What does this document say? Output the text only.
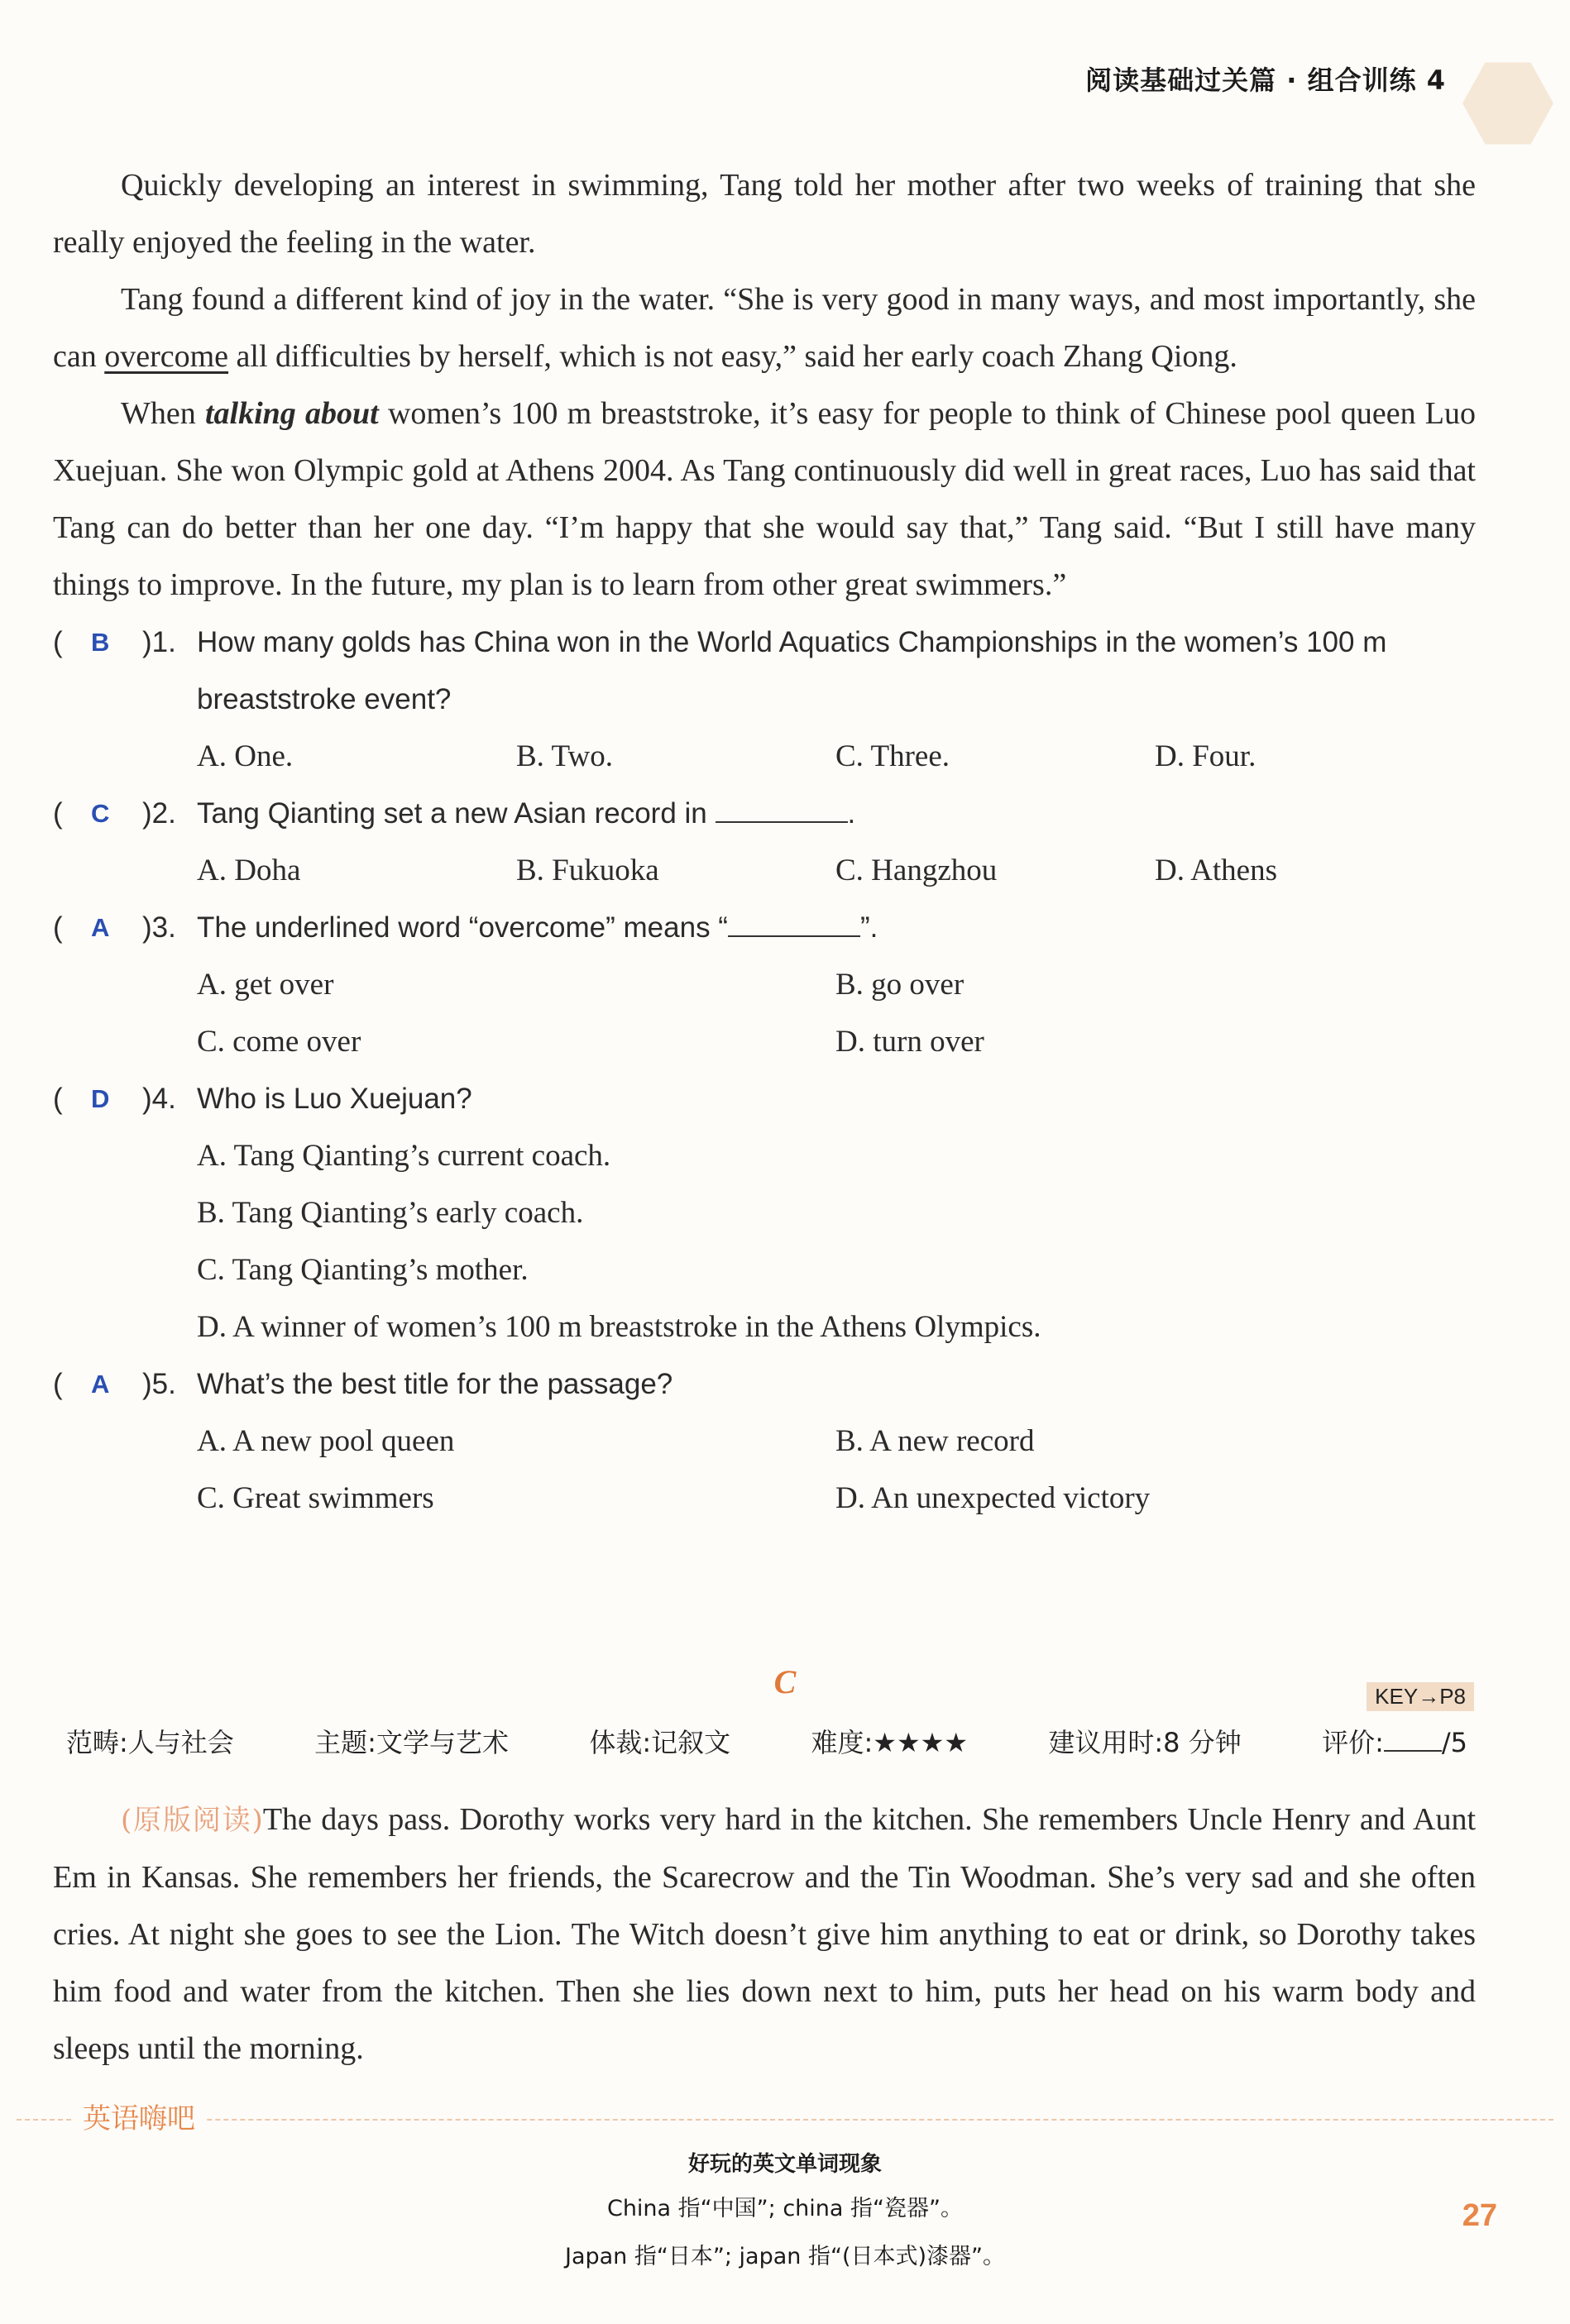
阅读基础过关篇 · 组合训练 4

Quickly developing an interest in swimming, Tang told her mother after two weeks of training that she really enjoyed the feeling in the water.

Tang found a different kind of joy in the water. “She is very good in many ways, and most importantly, she can overcome all difficulties by herself, which is not easy,” said her early coach Zhang Qiong.

When talking about women’s 100 m breaststroke, it’s easy for people to think of Chinese pool queen Luo Xuejuan. She won Olympic gold at Athens 2004. As Tang continuously did well in great races, Luo has said that Tang can do better than her one day. “I’m happy that she would say that,” Tang said. “But I still have many things to improve. In the future, my plan is to learn from other great swimmers.”

( B )1. How many golds has China won in the World Aquatics Championships in the women’s 100 m

breaststroke event?

A. One.	B. Two.	C. Three.	D. Four.

( C )2. Tang Qianting set a new Asian record in	.

A. Doha	B. Fukuoka	C. Hangzhou	D. Athens

( A )3. The underlined word “overcome” means “	”.

A. get over	B. go over
C. come over	D. turn over

( D )4. Who is Luo Xuejuan?

A. Tang Qianting’s current coach.

B. Tang Qianting’s early coach.

C. Tang Qianting’s mother.

D. A winner of women’s 100 m breaststroke in the Athens Olympics.

( A )5. What’s the best title for the passage?

A. A new pool queen	B. A new record
C. Great swimmers	D. An unexpected victory
C	KEY→P8
范畴:人与社会	主题:文学与艺术	体裁:记叙文	难度:★★★★	建议用时:8 分钟	评价: /5

(原版阅读)The days pass. Dorothy works very hard in the kitchen. She remembers Uncle Henry and Aunt Em in Kansas. She remembers her friends, the Scarecrow and the Tin Woodman. She’s very sad and she often cries. At night she goes to see the Lion. The Witch doesn’t give him anything to eat or drink, so Dorothy takes him food and water from the kitchen. Then she lies down next to him, puts her head on his warm body and sleeps until the morning.

英语嗨吧
好玩的英文单词现象
China 指“中国”; china 指“瓷器”。
Japan 指“日本”; japan 指“(日本式)漆器”。
27
